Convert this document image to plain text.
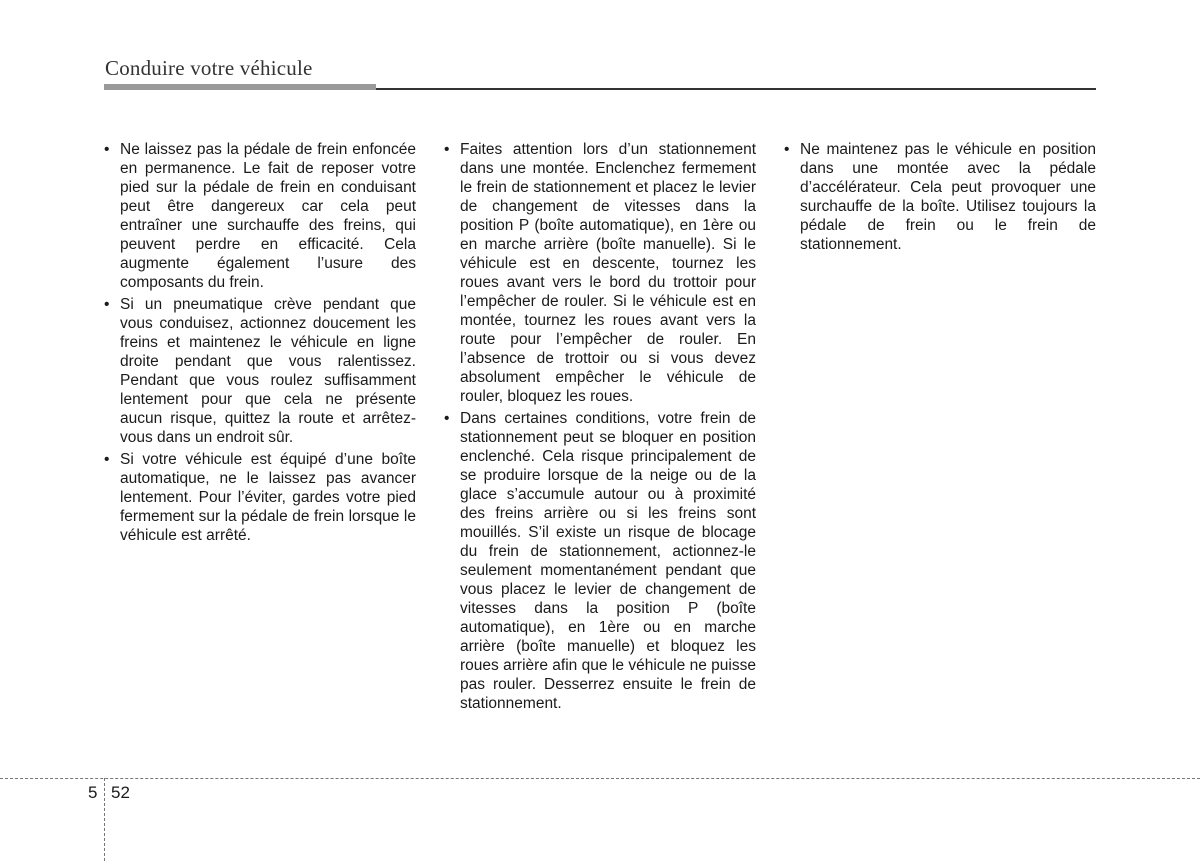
Conduire votre véhicule
• Ne laissez pas la pédale de frein enfoncée en permanence. Le fait de reposer votre pied sur la pédale de frein en conduisant peut être dangereux car cela peut entraîner une surchauffe des freins, qui peuvent perdre en efficacité. Cela augmente également l’usure des composants du frein.
• Si un pneumatique crève pendant que vous conduisez, actionnez doucement les freins et maintenez le véhicule en ligne droite pendant que vous ralentissez. Pendant que vous roulez suffisamment lentement pour que cela ne présente aucun risque, quittez la route et arrêtez-vous dans un endroit sûr.
• Si votre véhicule est équipé d’une boîte automatique, ne le laissez pas avancer lentement. Pour l’éviter, gardes votre pied fermement sur la pédale de frein lorsque le véhicule est arrêté.
• Faites attention lors d’un stationnement dans une montée. Enclenchez fermement le frein de stationnement et placez le levier de changement de vitesses dans la position P (boîte automatique), en 1ère ou en marche arrière (boîte manuelle). Si le véhicule est en descente, tournez les roues avant vers le bord du trottoir pour l’empêcher de rouler. Si le véhicule est en montée, tournez les roues avant vers la route pour l’empêcher de rouler. En l’absence de trottoir ou si vous devez absolument empêcher le véhicule de rouler, bloquez les roues.
• Dans certaines conditions, votre frein de stationnement peut se bloquer en position enclenché. Cela risque principalement de se produire lorsque de la neige ou de la glace s’accumule autour ou à proximité des freins arrière ou si les freins sont mouillés. S’il existe un risque de blocage du frein de stationnement, actionnez-le seulement momentanément pendant que vous placez le levier de changement de vitesses dans la position P (boîte automatique), en 1ère ou en marche arrière (boîte manuelle) et bloquez les roues arrière afin que le véhicule ne puisse pas rouler. Desserrez ensuite le frein de stationnement.
• Ne maintenez pas le véhicule en position dans une montée avec la pédale d’accélérateur. Cela peut provoquer une surchauffe de la boîte. Utilisez toujours la pédale de frein ou le frein de stationnement.
5 52
